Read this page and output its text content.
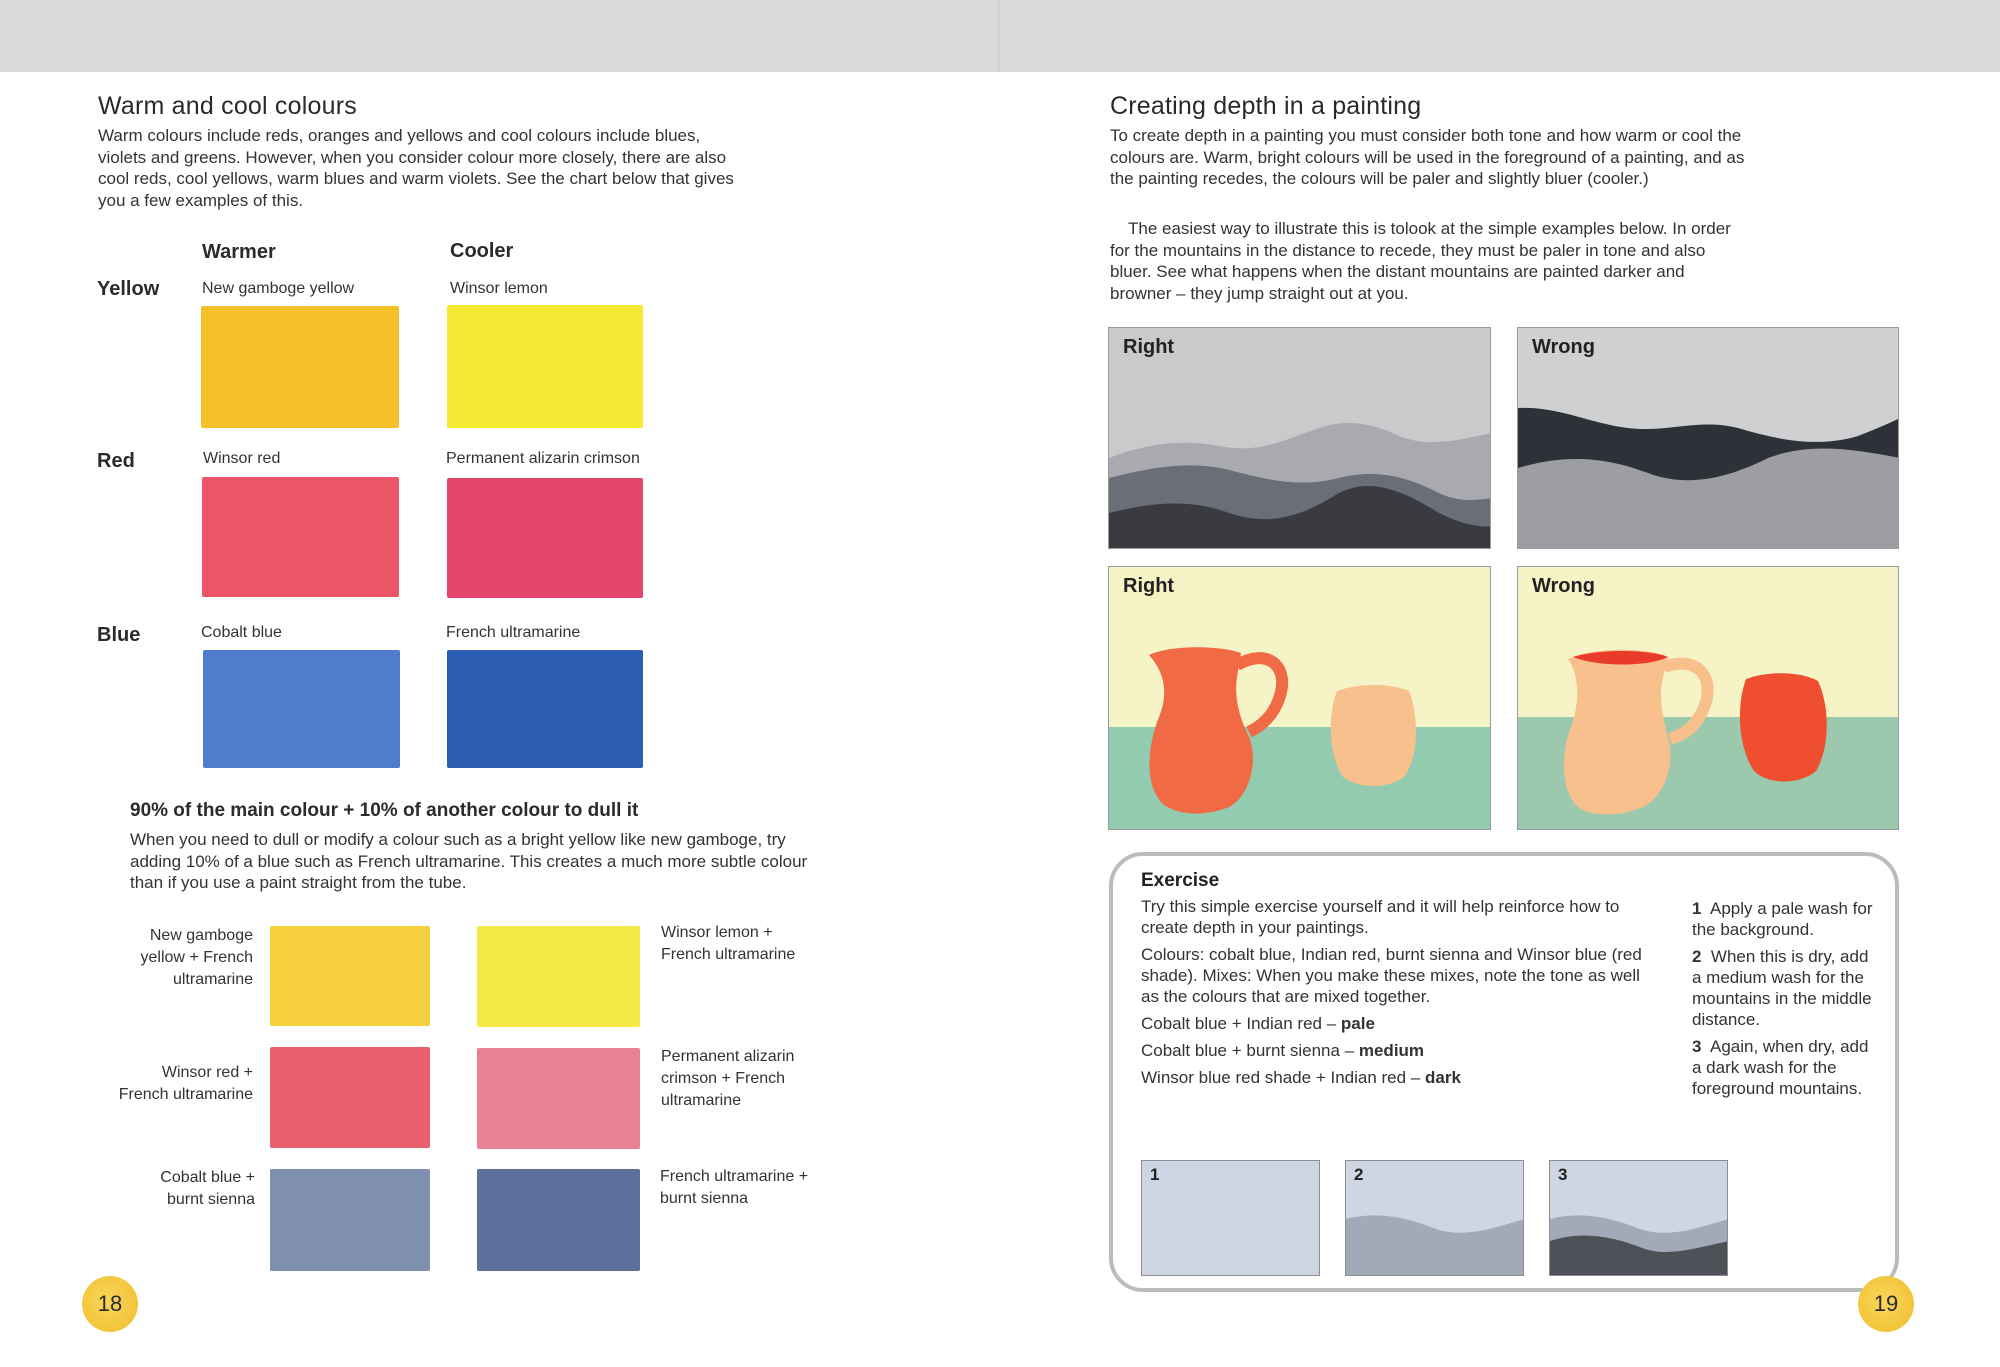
Warm and cool colours
Warm colours include reds, oranges and yellows and cool colours include blues, violets and greens. However, when you consider colour more closely, there are also cool reds, cool yellows, warm blues and warm violets. See the chart below that gives you a few examples of this.
Warmer	Cooler
Yellow	New gamboge yellow	Winsor lemon
Red	Winsor red	Permanent alizarin crimson
Blue	Cobalt blue	French ultramarine
90% of the main colour + 10% of another colour to dull it
When you need to dull or modify a colour such as a bright yellow like new gamboge, try adding 10% of a blue such as French ultramarine. This creates a much more subtle colour than if you use a paint straight from the tube.
New gamboge yellow + French ultramarine
Winsor lemon + French ultramarine
Winsor red + French ultramarine
Permanent alizarin crimson + French ultramarine
Cobalt blue + burnt sienna
French ultramarine + burnt sienna
18
Creating depth in a painting
To create depth in a painting you must consider both tone and how warm or cool the colours are. Warm, bright colours will be used in the foreground of a painting, and as the painting recedes, the colours will be paler and slightly bluer (cooler.)
The easiest way to illustrate this is tolook at the simple examples below. In order for the mountains in the distance to recede, they must be paler in tone and also bluer. See what happens when the distant mountains are painted darker and browner – they jump straight out at you.
Right	Wrong
Right	Wrong
Exercise

Try this simple exercise yourself and it will help reinforce how to create depth in your paintings.

Colours: cobalt blue, Indian red, burnt sienna and Winsor blue (red shade). Mixes: When you make these mixes, note the tone as well as the colours that are mixed together.

Cobalt blue + Indian red – pale

Cobalt blue + burnt sienna – medium

Winsor blue red shade + Indian red – dark

1 Apply a pale wash for the background.

2 When this is dry, add a medium wash for the mountains in the middle distance.

3 Again, when dry, add a dark wash for the foreground mountains.

1	2	3
19
